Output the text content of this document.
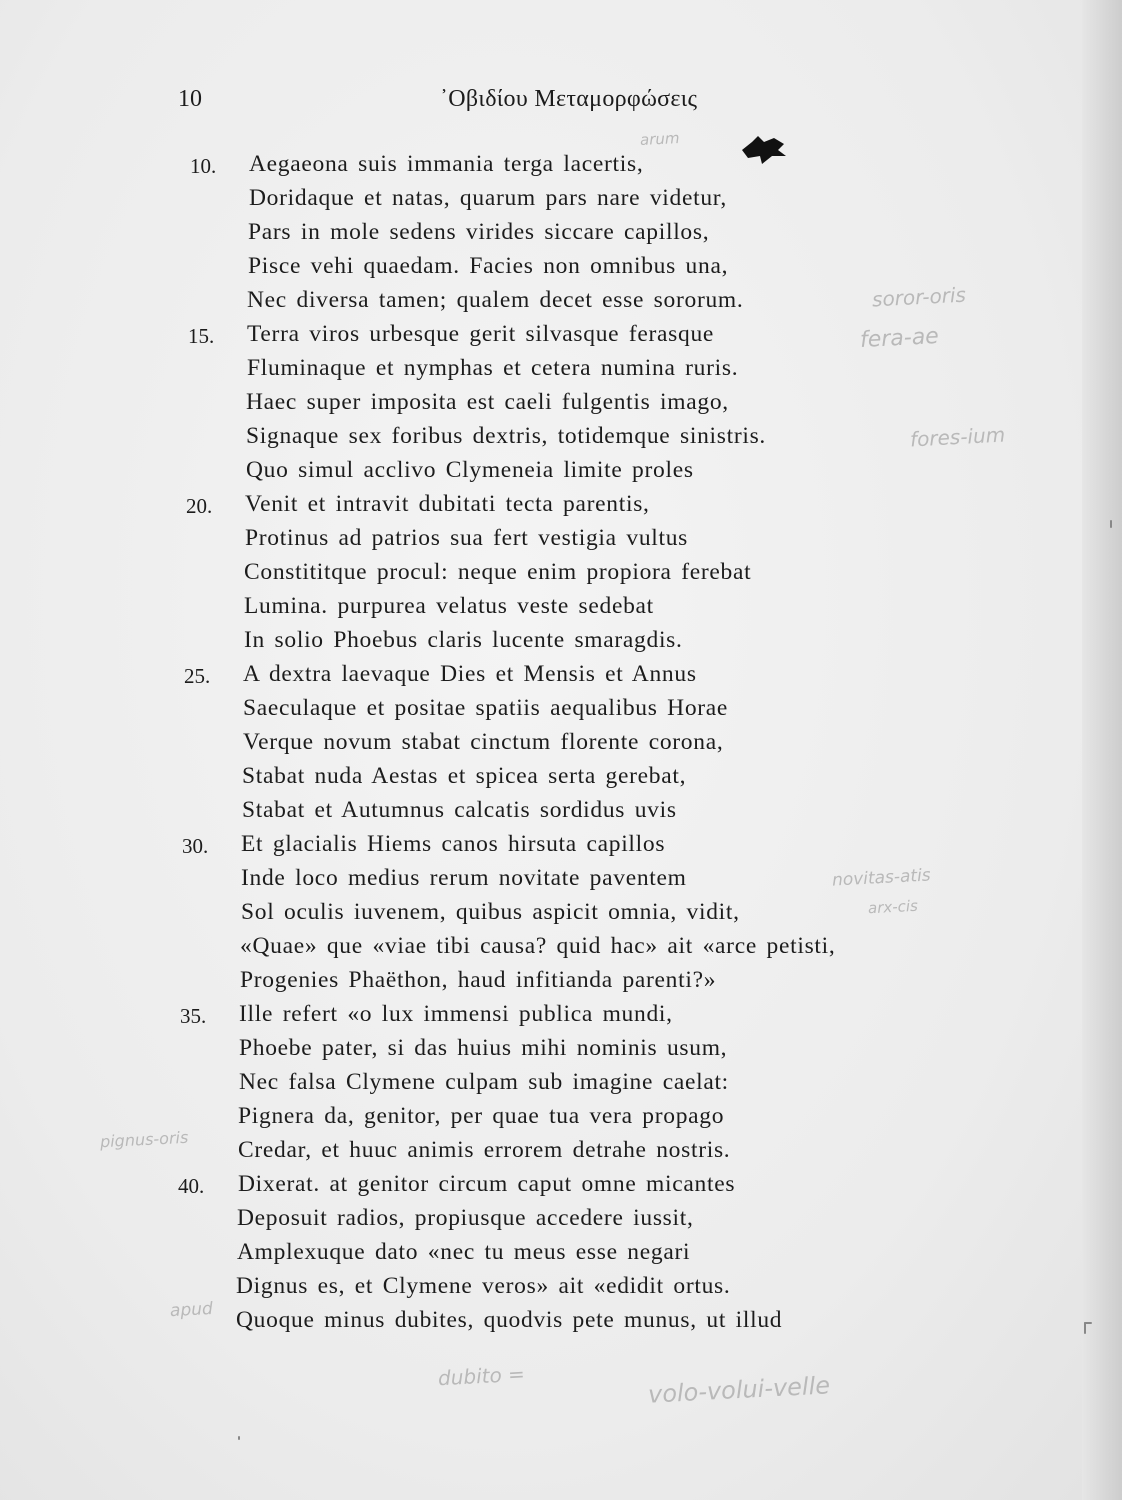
10	᾿Οβιδίου Μεταμορφώσεις
10.	Aegaeona suis immania terga lacertis,
Doridaque et natas, quarum pars nare videtur,
Pars in mole sedens virides siccare capillos,
Pisce vehi quaedam. Facies non omnibus una,
Nec diversa tamen; qualem decet esse sororum.
15.	Terra viros urbesque gerit silvasque ferasque
Fluminaque et nymphas et cetera numina ruris.
Haec super imposita est caeli fulgentis imago,
Signaque sex foribus dextris, totidemque sinistris.
Quo simul acclivo Clymeneia limite proles
20.	Venit et intravit dubitati tecta parentis,
Protinus ad patrios sua fert vestigia vultus
Constititque procul: neque enim propiora ferebat
Lumina. purpurea velatus veste sedebat
In solio Phoebus claris lucente smaragdis.
25.	A dextra laevaque Dies et Mensis et Annus
Saeculaque et positae spatiis aequalibus Horae
Verque novum stabat cinctum florente corona,
Stabat nuda Aestas et spicea serta gerebat,
Stabat et Autumnus calcatis sordidus uvis
30.	Et glacialis Hiems canos hirsuta capillos
Inde loco medius rerum novitate paventem
Sol oculis iuvenem, quibus aspicit omnia, vidit,
«Quae» que «viae tibi causa? quid hac» ait «arce petisti,
Progenies Phaëthon, haud infitianda parenti?»
35.	Ille refert «o lux immensi publica mundi,
Phoebe pater, si das huius mihi nominis usum,
Nec falsa Clymene culpam sub imagine caelat:
Pignera da, genitor, per quae tua vera propago
Credar, et huuc animis errorem detrahe nostris.
40.	Dixerat. at genitor circum caput omne micantes
Deposuit radios, propiusque accedere iussit,
Amplexuque dato «nec tu meus esse negari
Dignus es, et Clymene veros» ait «edidit ortus.
Quoque minus dubites, quodvis pete munus, ut illud
arum
soror-oris
fera-ae
fores-ium
novitas-atis
arx-cis
pignus-oris
apud
dubito =	volo-volui-velle
